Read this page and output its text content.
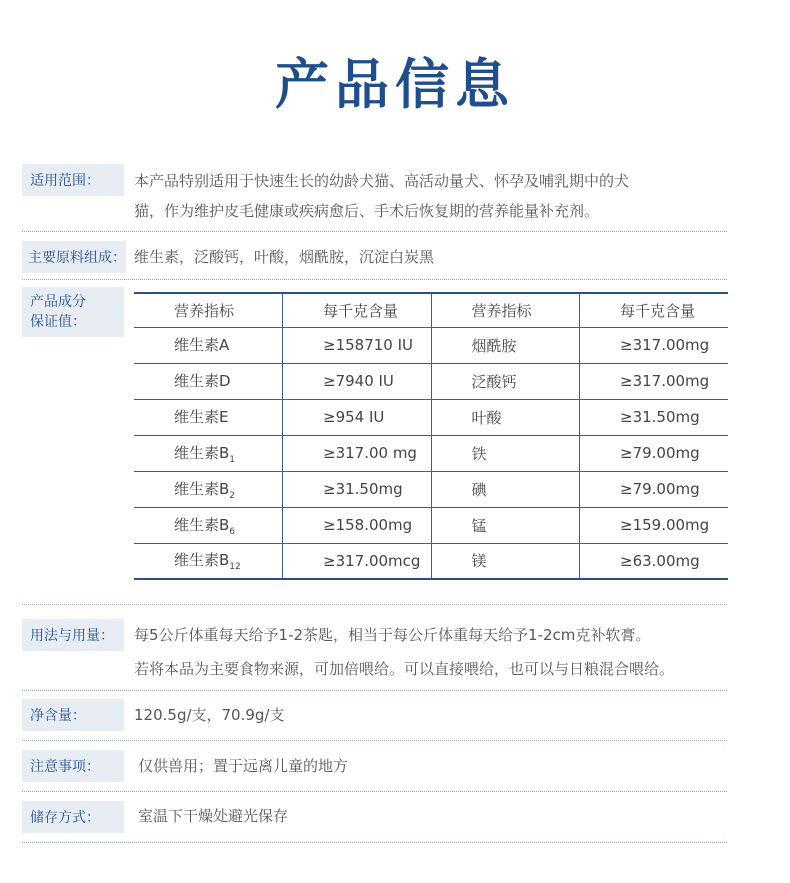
产品信息
适用范围：	本产品特别适用于快速生长的幼龄犬猫、高活动量犬、怀孕及哺乳期中的犬
猫，作为维护皮毛健康或疾病愈后、手术后恢复期的营养能量补充剂。
主要原料组成： 维生素，泛酸钙，叶酸，烟酰胺，沉淀白炭黑
产品成分
保证值：
营养指标	每千克含量	营养指标	每千克含量
维生素A	≥158710 IU	烟酰胺	≥317.00mg
维生素D	≥7940 IU	泛酸钙	≥317.00mg
维生素E	≥954 IU	叶酸	≥31.50mg
维生素$B_1$	≥317.00 mg	铁	≥79.00mg
维生素$B_2$	≥31.50mg	碘	≥79.00mg
维生素$B_6$	≥158.00mg	锰	≥159.00mg
维生素$B_{12}$	≥317.00mcg	镁	≥63.00mg
用法与用量：	每5公斤体重每天给予1-2茶匙，相当于每公斤体重每天给予1-2cm克补软膏。
若将本品为主要食物来源，可加倍喂给。可以直接喂给，也可以与日粮混合喂给。
净含量：	120.5g/支，70.9g/支
注意事项：	仅供兽用；置于远离儿童的地方
储存方式：	室温下干燥处避光保存
